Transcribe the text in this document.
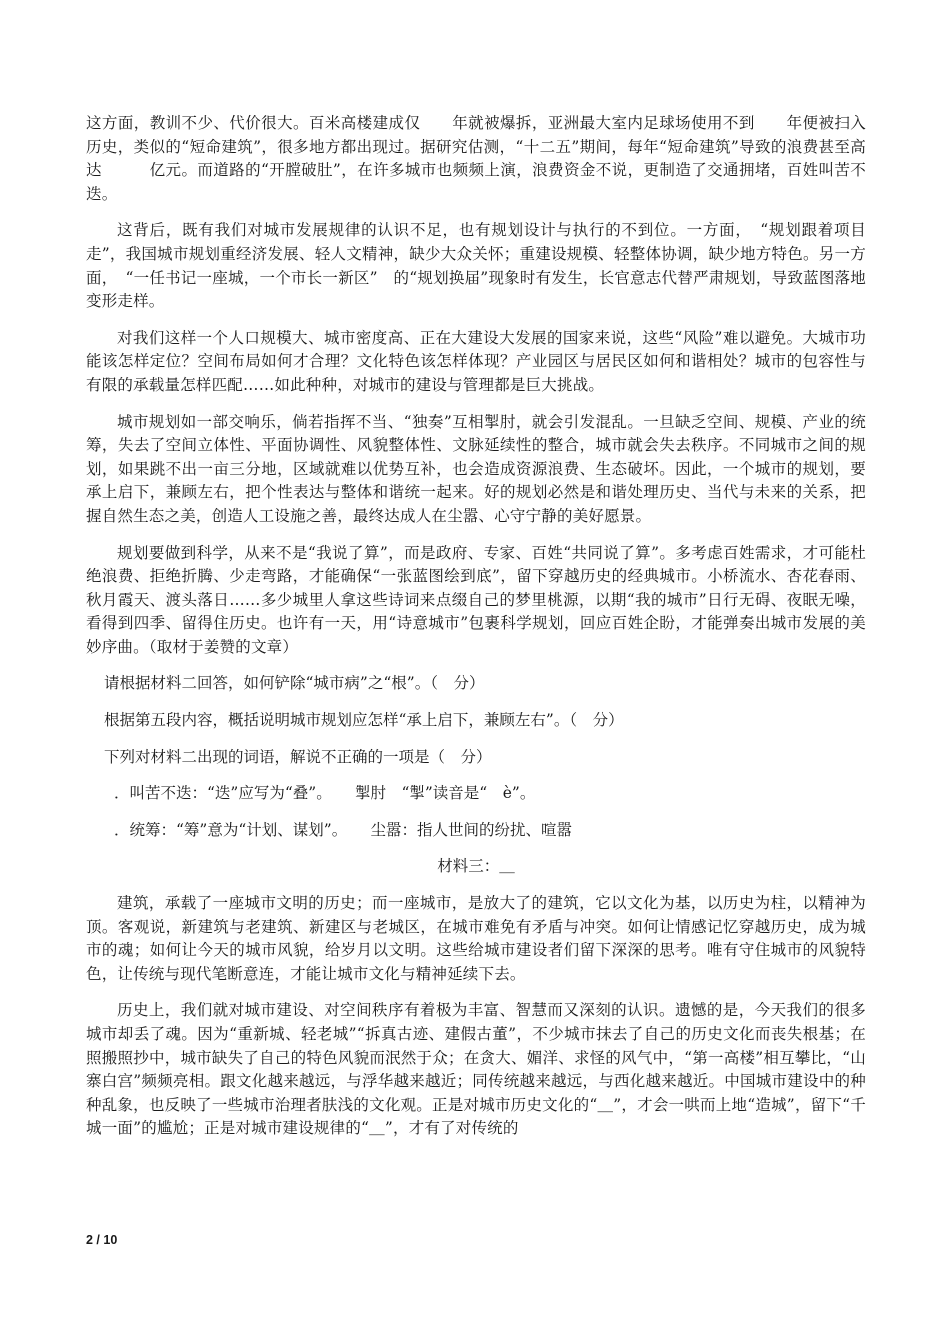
这方面，教训不少、代价很大。百米高楼建成仅　　年就被爆拆，亚洲最大室内足球场使用不到　　年便被扫入历史，类似的“短命建筑”，很多地方都出现过。据研究估测，“十二五”期间，每年“短命建筑”导致的浪费甚至高达　　　亿元。而道路的“开膛破肚”，在许多城市也频频上演，浪费资金不说，更制造了交通拥堵，百姓叫苦不迭。

这背后，既有我们对城市发展规律的认识不足，也有规划设计与执行的不到位。一方面，　“规划跟着项目走”，我国城市规划重经济发展、轻人文精神，缺少大众关怀；重建设规模、轻整体协调，缺少地方特色。另一方面，　“一任书记一座城，一个市长一新区”　的“规划换届”现象时有发生，长官意志代替严肃规划，导致蓝图落地变形走样。

对我们这样一个人口规模大、城市密度高、正在大建设大发展的国家来说，这些“风险”难以避免。大城市功能该怎样定位？空间布局如何才合理？文化特色该怎样体现？产业园区与居民区如何和谐相处？城市的包容性与有限的承载量怎样匹配……如此种种，对城市的建设与管理都是巨大挑战。

城市规划如一部交响乐，倘若指挥不当、“独奏”互相掣肘，就会引发混乱。一旦缺乏空间、规模、产业的统筹，失去了空间立体性、平面协调性、风貌整体性、文脉延续性的整合，城市就会失去秩序。不同城市之间的规划，如果跳不出一亩三分地，区域就难以优势互补，也会造成资源浪费、生态破坏。因此，一个城市的规划，要承上启下，兼顾左右，把个性表达与整体和谐统一起来。好的规划必然是和谐处理历史、当代与未来的关系，把握自然生态之美，创造人工设施之善，最终达成人在尘嚣、心守宁静的美好愿景。

规划要做到科学，从来不是“我说了算”，而是政府、专家、百姓“共同说了算”。多考虑百姓需求，才可能杜绝浪费、拒绝折腾、少走弯路，才能确保“一张蓝图绘到底”，留下穿越历史的经典城市。小桥流水、杏花春雨、秋月霞天、渡头落日……多少城里人拿这些诗词来点缀自己的梦里桃源，以期“我的城市”日行无碍、夜眠无噪，看得到四季、留得住历史。也许有一天，用“诗意城市”包裹科学规划，回应百姓企盼，才能弹奏出城市发展的美妙序曲。（取材于姜赞的文章）

请根据材料二回答，如何铲除“城市病”之“根”。（　分）

根据第五段内容，概括说明城市规划应怎样“承上启下，兼顾左右”。（　分）

下列对材料二出现的词语，解说不正确的一项是（　分）

．叫苦不迭：“迭”应写为“叠”。　　掣肘　“掣”读音是“　è”。

．统筹：“筹”意为“计划、谋划”。　　尘嚣：指人世间的纷扰、喧嚣

材料三：＿

建筑，承载了一座城市文明的历史；而一座城市，是放大了的建筑，它以文化为基，以历史为柱，以精神为顶。客观说，新建筑与老建筑、新建区与老城区，在城市难免有矛盾与冲突。如何让情感记忆穿越历史，成为城市的魂；如何让今天的城市风貌，给岁月以文明。这些给城市建设者们留下深深的思考。唯有守住城市的风貌特色，让传统与现代笔断意连，才能让城市文化与精神延续下去。

历史上，我们就对城市建设、对空间秩序有着极为丰富、智慧而又深刻的认识。遗憾的是，今天我们的很多城市却丢了魂。因为“重新城、轻老城”“拆真古迹、建假古董”，不少城市抹去了自己的历史文化而丧失根基；在照搬照抄中，城市缺失了自己的特色风貌而泯然于众；在贪大、媚洋、求怪的风气中，“第一高楼”相互攀比，“山寨白宫”频频亮相。跟文化越来越远，与浮华越来越近；同传统越来越远，与西化越来越近。中国城市建设中的种种乱象，也反映了一些城市治理者肤浅的文化观。正是对城市历史文化的“＿”，才会一哄而上地“造城”，留下“千城一面”的尴尬；正是对城市建设规律的“＿”，才有了对传统的

2 / 10
